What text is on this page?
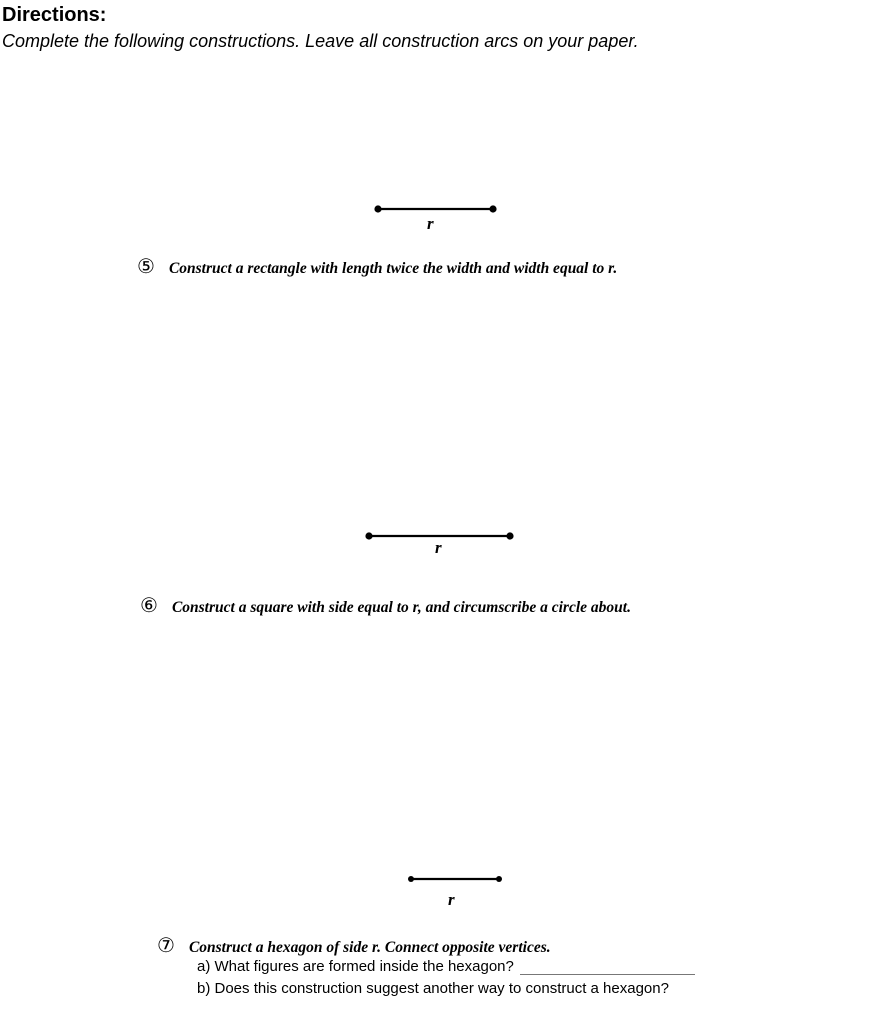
Directions:
Complete the following constructions. Leave all construction arcs on your paper.
r
⑤ Construct a rectangle with length twice the width and width equal to r.
r
⑥ Construct a square with side equal to r, and circumscribe a circle about.
r
⑦ Construct a hexagon of side r. Connect opposite vertices.
a) What figures are formed inside the hexagon?
b) Does this construction suggest another way to construct a hexagon?
